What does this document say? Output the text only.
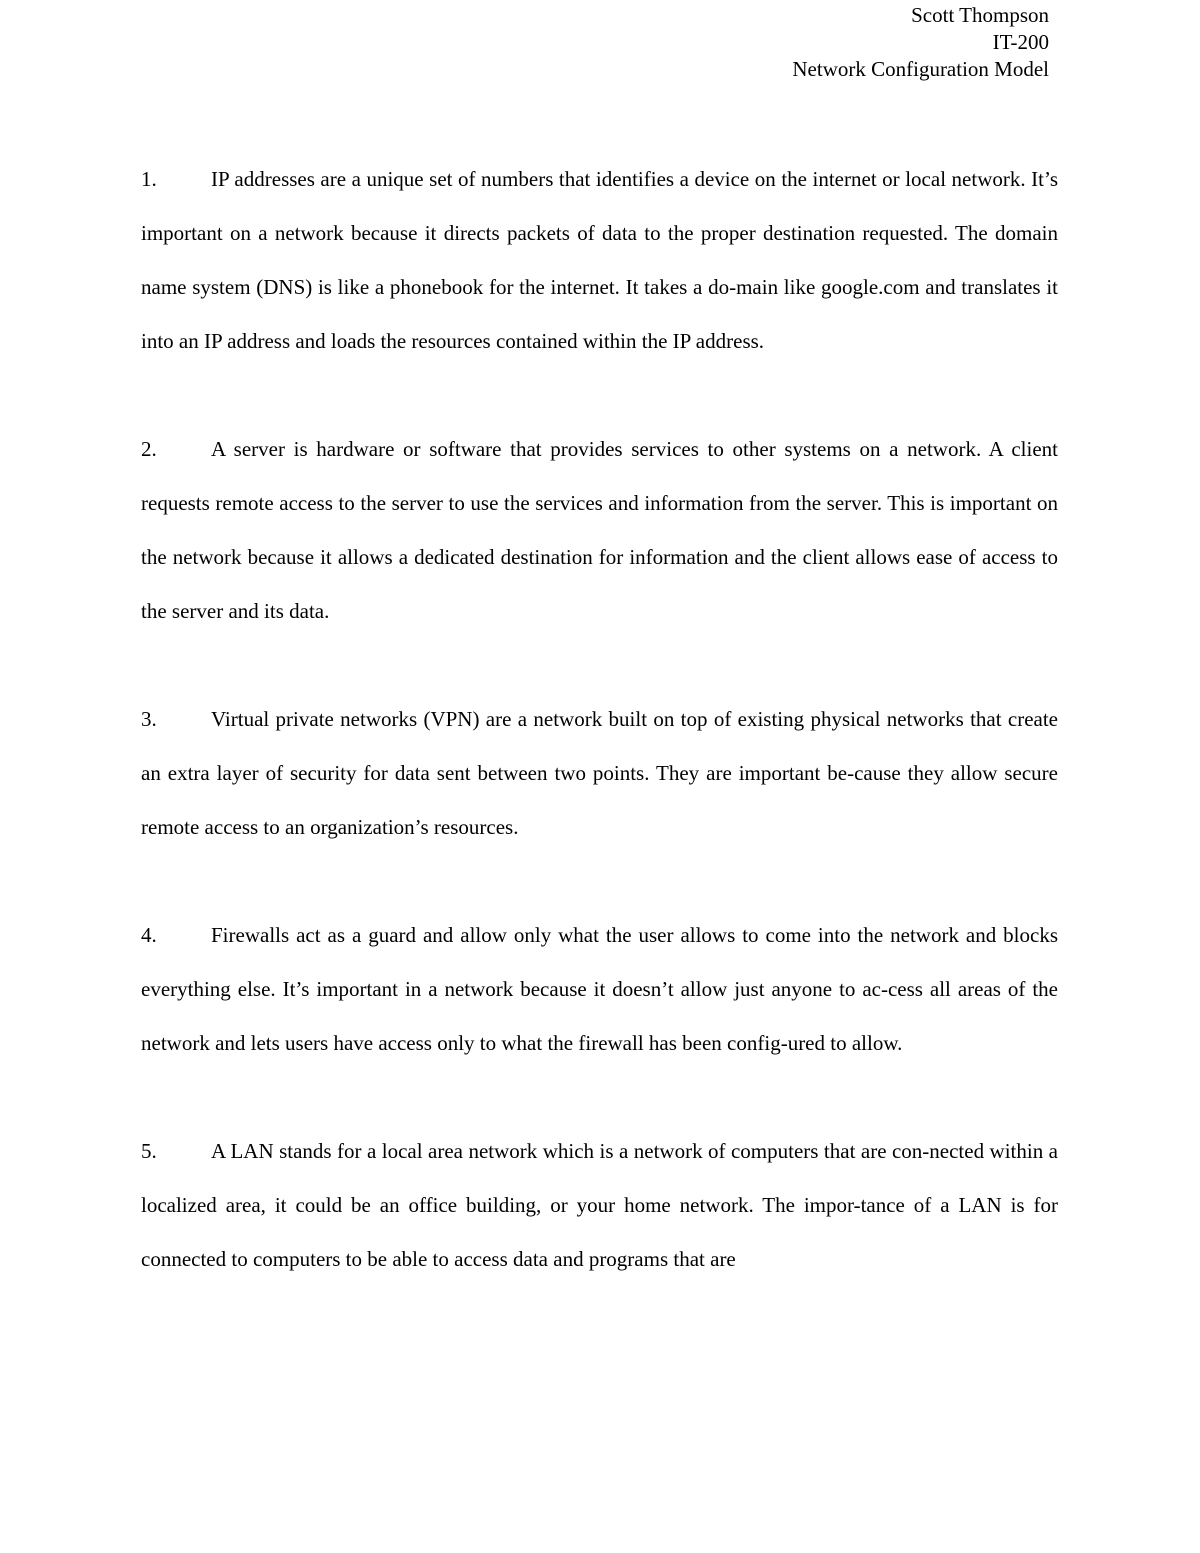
Scott Thompson
IT-200
Network Configuration Model

1.	IP addresses are a unique set of numbers that identifies a device on the internet or local network. It’s important on a network because it directs packets of data to the proper destination requested. The domain name system (DNS) is like a phonebook for the internet. It takes a do-main like google.com and translates it into an IP address and loads the resources contained within the IP address.

2.	A server is hardware or software that provides services to other systems on a network. A client requests remote access to the server to use the services and information from the server. This is important on the network because it allows a dedicated destination for information and the client allows ease of access to the server and its data.

3.	Virtual private networks (VPN) are a network built on top of existing physical networks that create an extra layer of security for data sent between two points. They are important be-cause they allow secure remote access to an organization’s resources.

4.	Firewalls act as a guard and allow only what the user allows to come into the network and blocks everything else. It’s important in a network because it doesn’t allow just anyone to ac-cess all areas of the network and lets users have access only to what the firewall has been config-ured to allow.

5.	A LAN stands for a local area network which is a network of computers that are con-nected within a localized area, it could be an office building, or your home network. The impor-tance of a LAN is for connected to computers to be able to access data and programs that are
